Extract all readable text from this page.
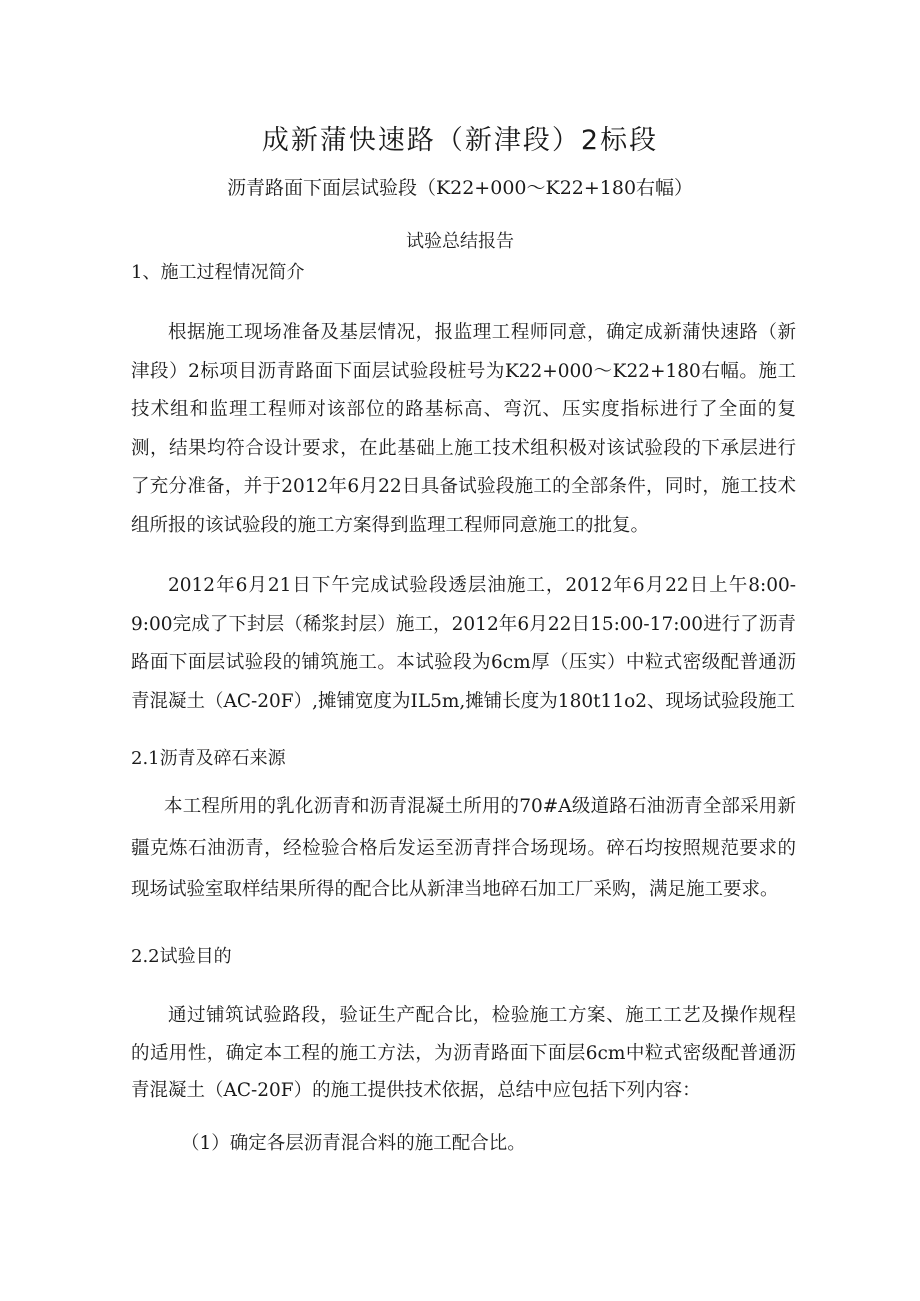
成新蒲快速路（新津段）2标段
沥青路面下面层试验段（K22+000～K22+180右幅）
试验总结报告
1、施工过程情况简介
根据施工现场准备及基层情况，报监理工程师同意，确定成新蒲快速路（新津段）2标项目沥青路面下面层试验段桩号为K22+000～K22+180右幅。施工技术组和监理工程师对该部位的路基标高、弯沉、压实度指标进行了全面的复测，结果均符合设计要求，在此基础上施工技术组积极对该试验段的下承层进行了充分准备，并于2012年6月22日具备试验段施工的全部条件，同时，施工技术组所报的该试验段的施工方案得到监理工程师同意施工的批复。
2012年6月21日下午完成试验段透层油施工，2012年6月22日上午8:00-9:00完成了下封层（稀浆封层）施工，2012年6月22日15:00-17:00进行了沥青路面下面层试验段的铺筑施工。本试验段为6cm厚（压实）中粒式密级配普通沥青混凝土（AC-20F）,摊铺宽度为IL5m,摊铺长度为180t11o2、现场试验段施工
2.1沥青及碎石来源
本工程所用的乳化沥青和沥青混凝土所用的70#A级道路石油沥青全部采用新疆克炼石油沥青，经检验合格后发运至沥青拌合场现场。碎石均按照规范要求的现场试验室取样结果所得的配合比从新津当地碎石加工厂采购，满足施工要求。
2.2试验目的
通过铺筑试验路段，验证生产配合比，检验施工方案、施工工艺及操作规程的适用性，确定本工程的施工方法，为沥青路面下面层6cm中粒式密级配普通沥青混凝土（AC-20F）的施工提供技术依据，总结中应包括下列内容：
（1）确定各层沥青混合料的施工配合比。
